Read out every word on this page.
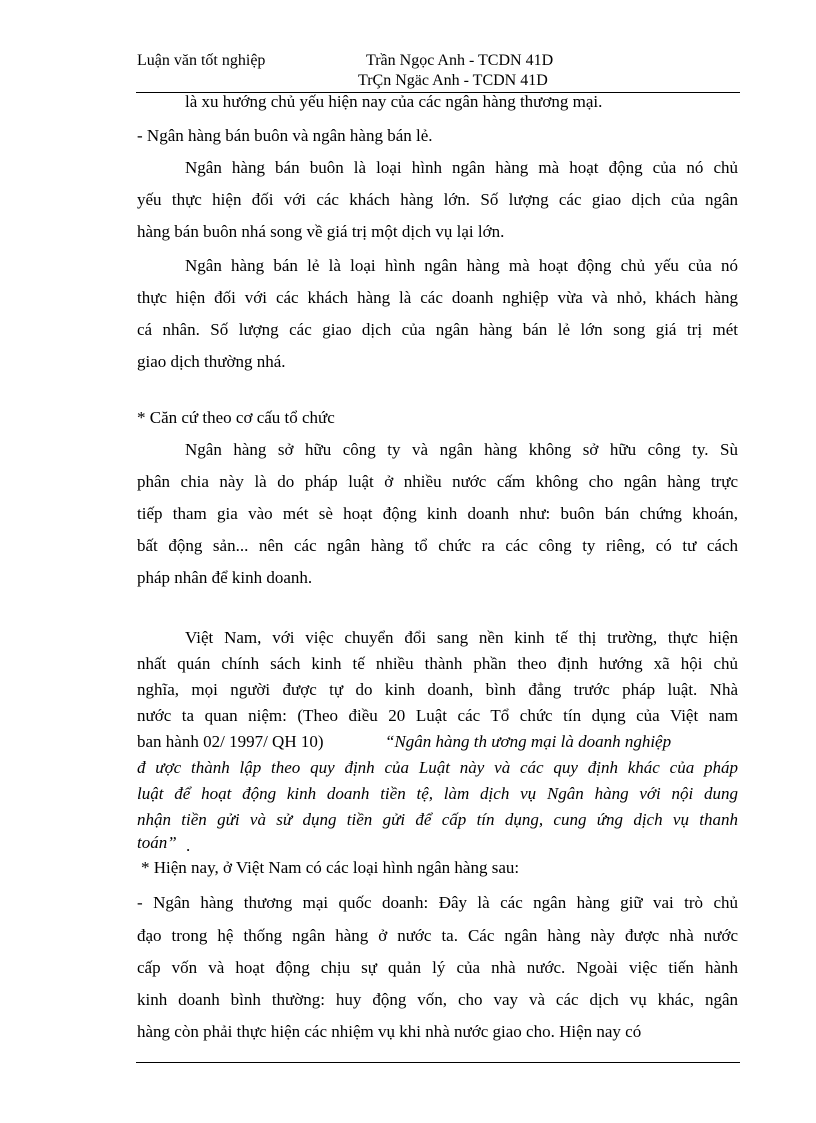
Luận văn tốt nghiệp	Trần Ngọc Anh - TCDN 41D
TrÇn Ngäc Anh - TCDN 41D
là xu hướng chủ yếu hiện nay của các ngân hàng thương mại.
- Ngân hàng bán buôn và ngân hàng bán lẻ.
Ngân hàng bán buôn là loại hình ngân hàng mà hoạt động của nó chủ
yếu thực hiện đối với các khách hàng lớn. Số lượng các giao dịch của ngân
hàng bán buôn nhá song về giá trị một dịch vụ lại lớn.
Ngân hàng bán lẻ là loại hình ngân hàng mà hoạt động chủ yếu của nó
thực hiện đối với các khách hàng là các doanh nghiệp vừa và nhỏ, khách hàng
cá nhân. Số lượng các giao dịch của ngân hàng bán lẻ lớn song giá trị mét
giao dịch thường nhá.
* Căn cứ theo cơ cấu tổ chức
Ngân hàng sở hữu công ty và ngân hàng không sở hữu công ty. Sù
phân chia này là do pháp luật ở nhiều nước cấm không cho ngân hàng trực
tiếp tham gia vào mét sè hoạt động kinh doanh như: buôn bán chứng khoán,
bất động sản... nên các ngân hàng tổ chức ra các công ty riêng, có tư cách
pháp nhân để kinh doanh.
Việt Nam, với việc chuyển đổi sang nền kinh tế thị trường, thực hiện
nhất quán chính sách kinh tế nhiều thành phần theo định hướng xã hội chủ
nghĩa, mọi người được tự do kinh doanh, bình đẳng trước pháp luật. Nhà
nước ta quan niệm: (Theo điều 20 Luật các Tổ chức tín dụng của Việt nam
ban hành 02/ 1997/ QH 10)	“Ngân hàng th ương mại là doanh nghiệp
đ ược thành lập theo quy định của Luật này và các quy định khác của pháp
luật để hoạt động kinh doanh tiền tệ, làm dịch vụ Ngân hàng với nội dung
nhận tiền gửi và sử dụng tiền gửi để cấp tín dụng, cung ứng dịch vụ thanh
toán” .
* Hiện nay, ở Việt Nam có các loại hình ngân hàng sau:
- Ngân hàng thương mại quốc doanh: Đây là các ngân hàng giữ vai trò chủ
đạo trong hệ thống ngân hàng ở nước ta. Các ngân hàng này được nhà nước
cấp vốn và hoạt động chịu sự quản lý của nhà nước. Ngoài việc tiến hành
kinh doanh bình thường: huy động vốn, cho vay và các dịch vụ khác, ngân
hàng còn phải thực hiện các nhiệm vụ khi nhà nước giao cho. Hiện nay có
